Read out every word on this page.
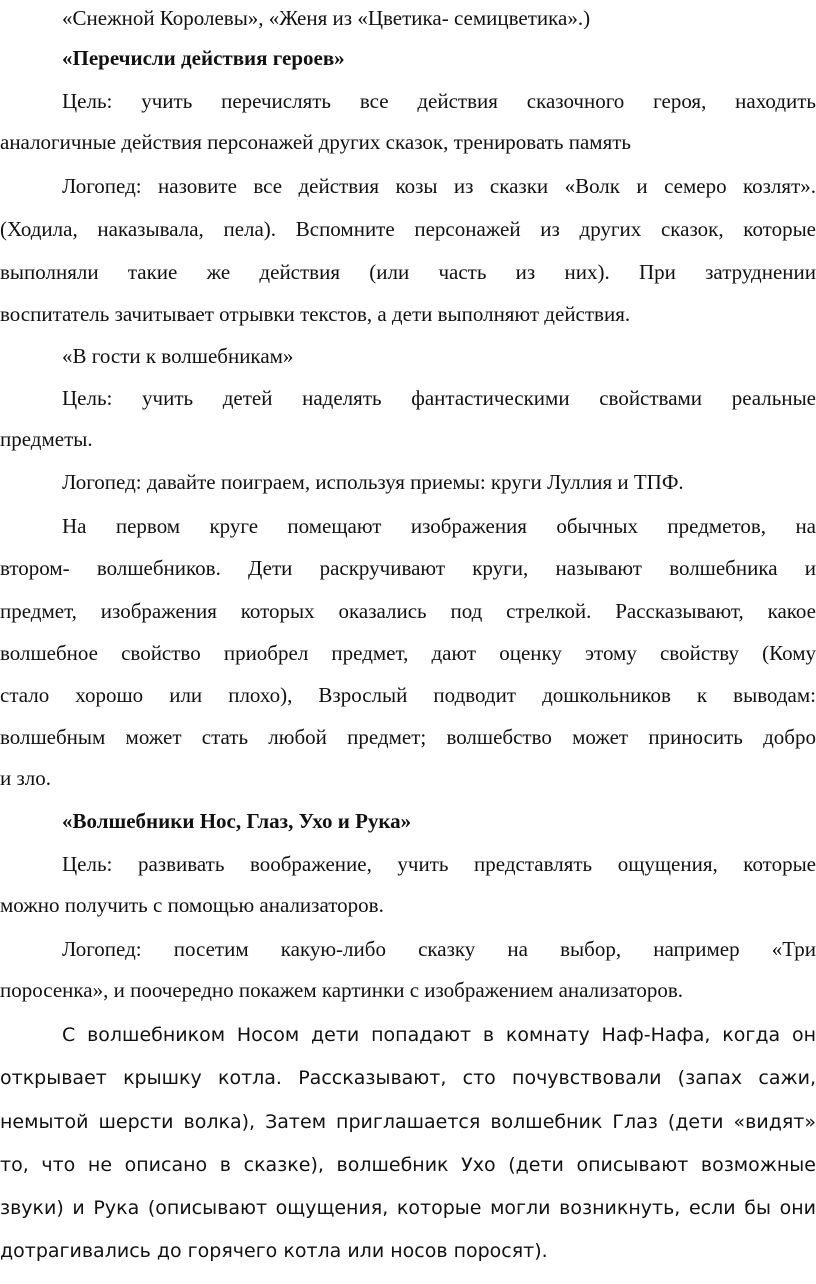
«Снежной Королевы», «Женя из «Цветика- семицветика».)
«Перечисли действия героев»
Цель: учить перечислять все действия сказочного героя, находить
аналогичные действия персонажей других сказок, тренировать память
Логопед: назовите все действия козы из сказки «Волк и семеро козлят».
(Ходила, наказывала, пела). Вспомните персонажей из других сказок, которые
выполняли такие же действия (или часть из них). При затруднении
воспитатель зачитывает отрывки текстов, а дети выполняют действия.
«В гости к волшебникам»
Цель: учить детей наделять фантастическими свойствами реальные
предметы.
Логопед: давайте поиграем, используя приемы: круги Луллия и ТПФ.
На первом круге помещают изображения обычных предметов, на
втором- волшебников. Дети раскручивают круги, называют волшебника и
предмет, изображения которых оказались под стрелкой. Рассказывают, какое
волшебное свойство приобрел предмет, дают оценку этому свойству (Кому
стало хорошо или плохо), Взрослый подводит дошкольников к выводам:
волшебным может стать любой предмет; волшебство может приносить добро
и зло.
«Волшебники Нос, Глаз, Ухо и Рука»
Цель: развивать воображение, учить представлять ощущения, которые
можно получить с помощью анализаторов.
Логопед: посетим какую-либо сказку на выбор, например «Три
поросенка», и поочередно покажем картинки с изображением анализаторов.
С волшебником Носом дети попадают в комнату Наф-Нафа, когда он
открывает крышку котла. Рассказывают, сто почувствовали (запах сажи,
немытой шерсти волка), Затем приглашается волшебник Глаз (дети «видят»
то, что не описано в сказке), волшебник Ухо (дети описывают возможные
звуки) и Рука (описывают ощущения, которые могли возникнуть, если бы они
дотрагивались до горячего котла или носов поросят).
